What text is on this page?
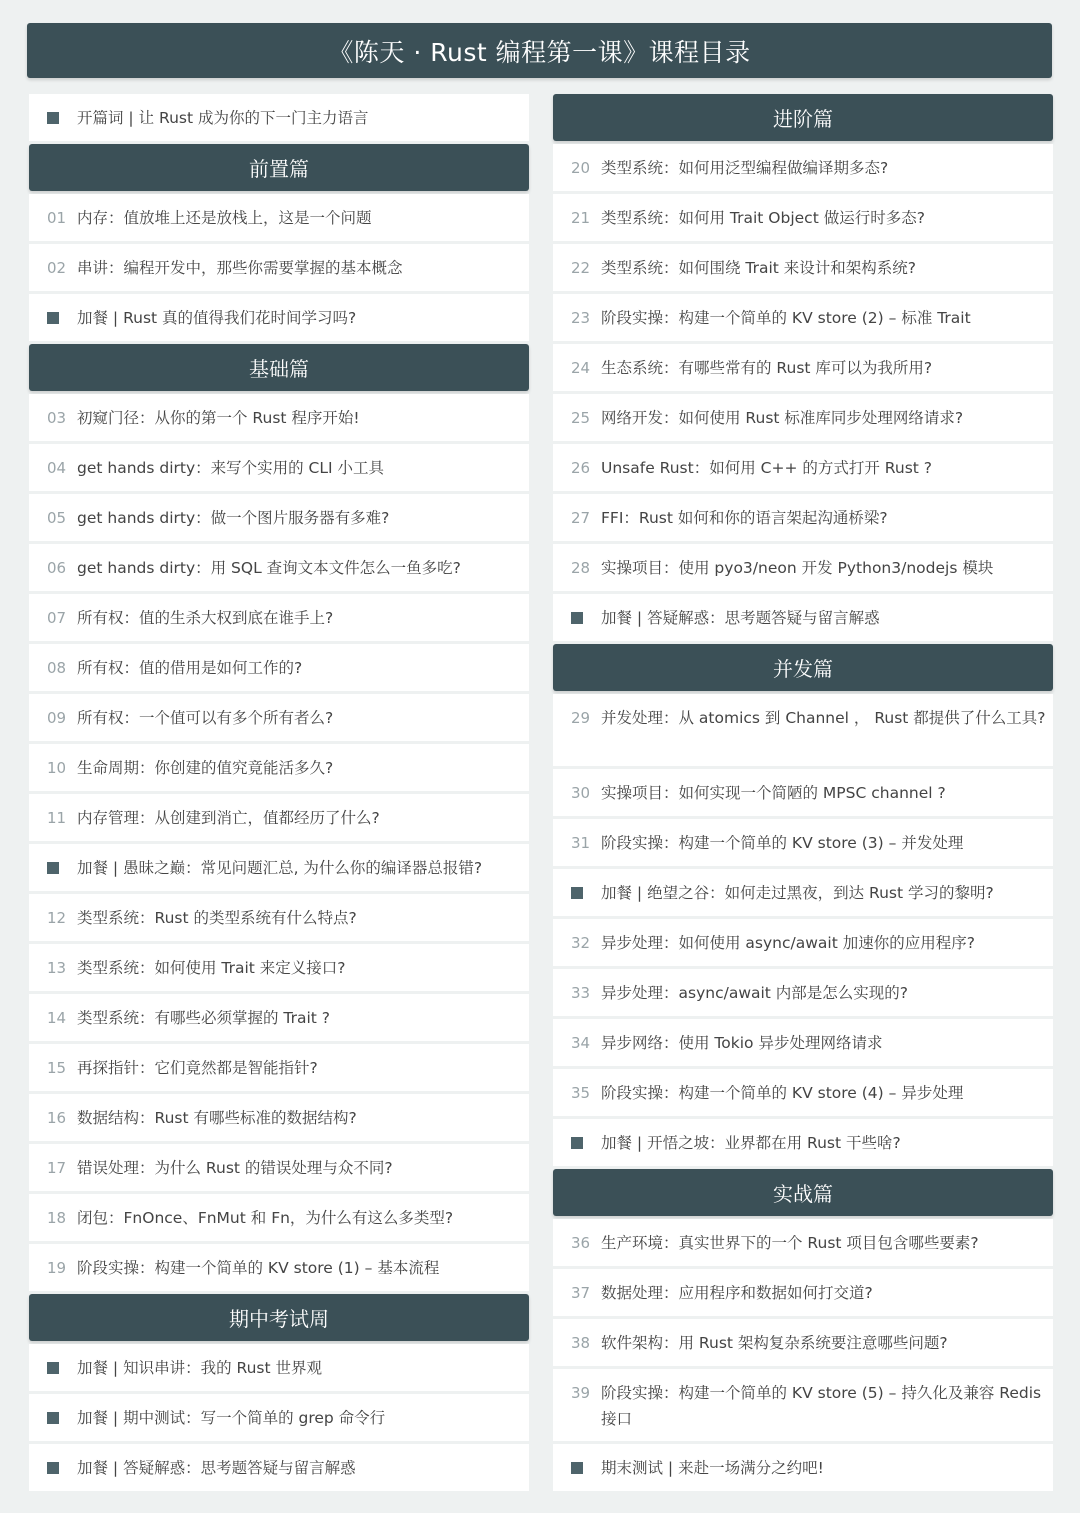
《陈天 · Rust 编程第一课》课程目录
开篇词 | 让 Rust 成为你的下一门主力语言
前置篇
01 内存：值放堆上还是放栈上，这是一个问题
02 串讲：编程开发中，那些你需要掌握的基本概念
加餐 | Rust 真的值得我们花时间学习吗?
基础篇
03 初窥门径：从你的第一个 Rust 程序开始!
04 get hands dirty：来写个实用的 CLI 小工具
05 get hands dirty：做一个图片服务器有多难?
06 get hands dirty：用 SQL 查询文本文件怎么一鱼多吃?
07 所有权：值的生杀大权到底在谁手上?
08 所有权：值的借用是如何工作的?
09 所有权：一个值可以有多个所有者么?
10 生命周期：你创建的值究竟能活多久?
11 内存管理：从创建到消亡，值都经历了什么?
加餐 | 愚昧之巅：常见问题汇总, 为什么你的编译器总报错?
12 类型系统：Rust 的类型系统有什么特点?
13 类型系统：如何使用 Trait 来定义接口?
14 类型系统：有哪些必须掌握的 Trait ?
15 再探指针：它们竟然都是智能指针?
16 数据结构：Rust 有哪些标准的数据结构?
17 错误处理：为什么 Rust 的错误处理与众不同?
18 闭包：FnOnce、FnMut 和 Fn，为什么有这么多类型?
19 阶段实操：构建一个简单的 KV store (1) – 基本流程
期中考试周
加餐 | 知识串讲：我的 Rust 世界观
加餐 | 期中测试：写一个简单的 grep 命令行
加餐 | 答疑解惑：思考题答疑与留言解惑
进阶篇
20 类型系统：如何用泛型编程做编译期多态?
21 类型系统：如何用 Trait Object 做运行时多态?
22 类型系统：如何围绕 Trait 来设计和架构系统?
23 阶段实操：构建一个简单的 KV store (2) – 标准 Trait
24 生态系统：有哪些常有的 Rust 库可以为我所用?
25 网络开发：如何使用 Rust 标准库同步处理网络请求?
26 Unsafe Rust：如何用 C++ 的方式打开 Rust ?
27 FFI：Rust 如何和你的语言架起沟通桥梁?
28 实操项目：使用 pyo3/neon 开发 Python3/nodejs 模块
加餐 | 答疑解惑：思考题答疑与留言解惑
并发篇
29 并发处理：从 atomics 到 Channel ， Rust 都提供了什么工具?
30 实操项目：如何实现一个简陋的 MPSC channel ?
31 阶段实操：构建一个简单的 KV store (3) – 并发处理
加餐 | 绝望之谷：如何走过黑夜，到达 Rust 学习的黎明?
32 异步处理：如何使用 async/await 加速你的应用程序?
33 异步处理：async/await 内部是怎么实现的?
34 异步网络：使用 Tokio 异步处理网络请求
35 阶段实操：构建一个简单的 KV store (4) – 异步处理
加餐 | 开悟之坡：业界都在用 Rust 干些啥?
实战篇
36 生产环境：真实世界下的一个 Rust 项目包含哪些要素?
37 数据处理：应用程序和数据如何打交道?
38 软件架构：用 Rust 架构复杂系统要注意哪些问题?
39 阶段实操：构建一个简单的 KV store (5) – 持久化及兼容 Redis 接口
期末测试 | 来赴一场满分之约吧!
